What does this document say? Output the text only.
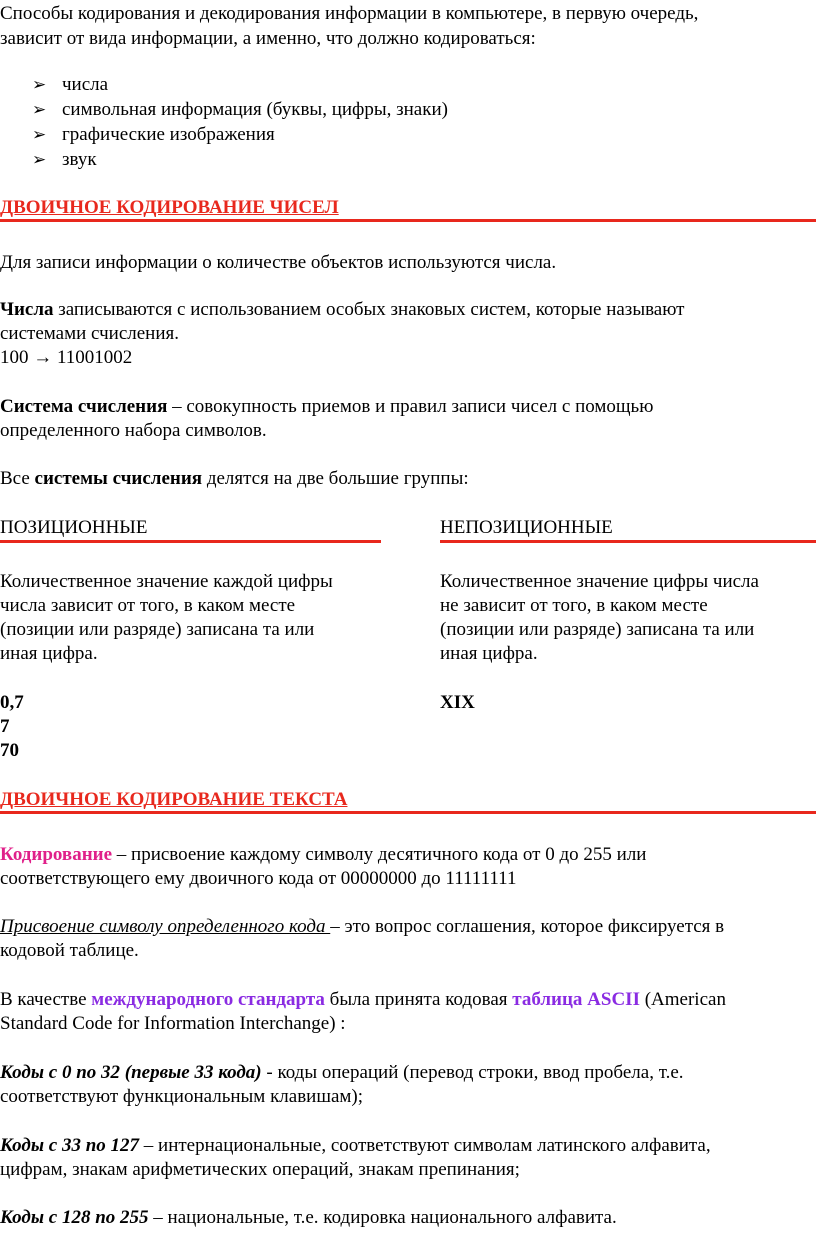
Способы кодирования и декодирования информации в компьютере, в первую очередь,

зависит от вида информации, а именно, что должно кодироваться:

➢ числа
➢ символьная информация (буквы, цифры, знаки)
➢ графические изображения
➢ звук

ДВОИЧНОЕ КОДИРОВАНИЕ ЧИСЕЛ

Для записи информации о количестве объектов используются числа.

Числа записываются с использованием особых знаковых систем, которые называют

системами счисления.

100 → 11001002

Система счисления – совокупность приемов и правил записи чисел с помощью

определенного набора символов.

Все системы счисления делятся на две большие группы:

ПОЗИЦИОННЫЕ	НЕПОЗИЦИОННЫЕ

Количественное значение каждой цифры

числа зависит от того, в каком месте

(позиции или разряде) записана та или

иная цифра.

Количественное значение цифры числа

не зависит от того, в каком месте

(позиции или разряде) записана та или

иная цифра.

0,7

7

70

XIX

ДВОИЧНОЕ КОДИРОВАНИЕ ТЕКСТА

Кодирование – присвоение каждому символу десятичного кода от 0 до 255 или

соответствующего ему двоичного кода от 00000000 до 11111111

Присвоение символу определенного кода – это вопрос соглашения, которое фиксируется в

кодовой таблице.

В качестве международного стандарта была принята кодовая таблица ASCII (American

Standard Code for Information Interchange) :

Коды с 0 по 32 (первые 33 кода) - коды операций (перевод строки, ввод пробела, т.е.

соответствуют функциональным клавишам);

Коды с 33 по 127 – интернациональные, соответствуют символам латинского алфавита,

цифрам, знакам арифметических операций, знакам препинания;

Коды с 128 по 255 – национальные, т.е. кодировка национального алфавита.
